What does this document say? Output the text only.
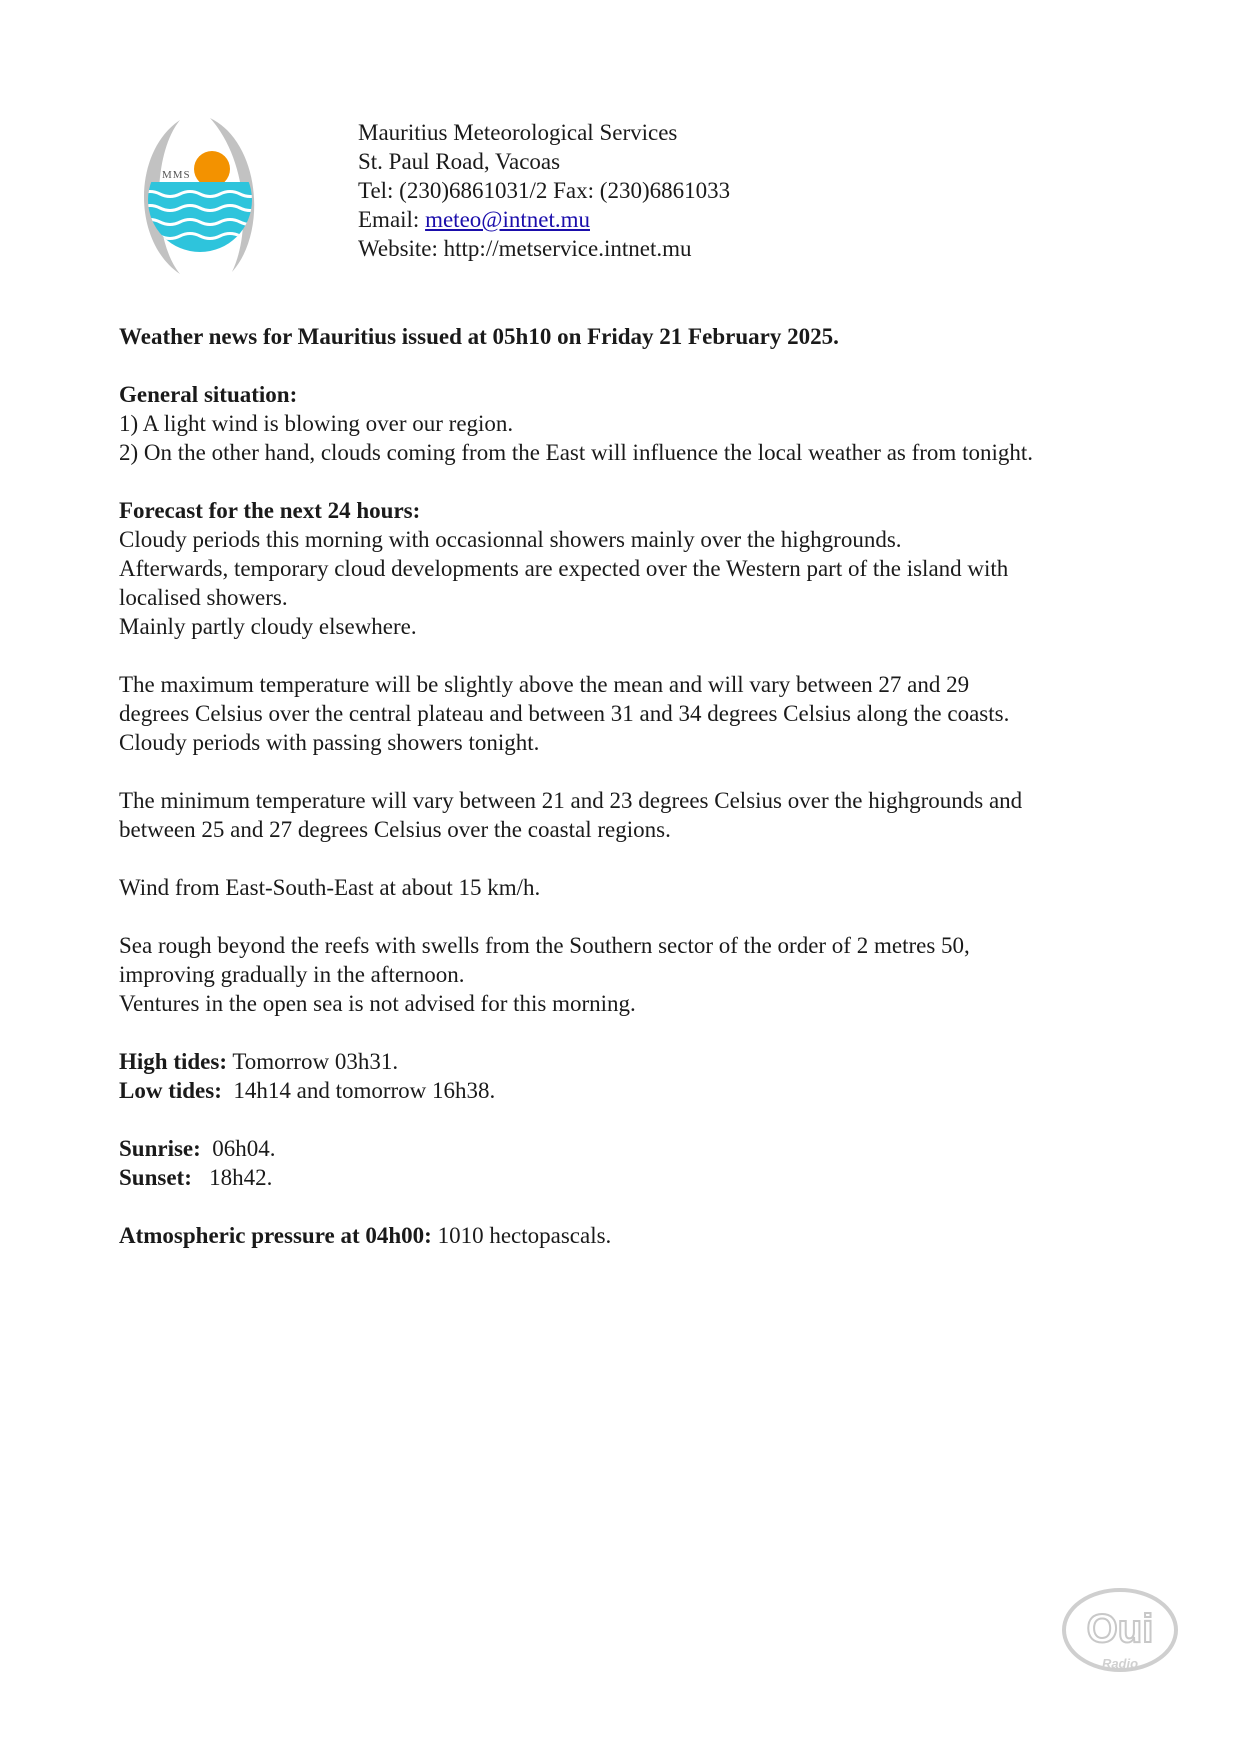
MMS
Mauritius Meteorological Services
St. Paul Road, Vacoas
Tel: (230)6861031/2 Fax: (230)6861033
Email: meteo@intnet.mu
Website: http://metservice.intnet.mu

Weather news for Mauritius issued at 05h10 on Friday 21 February 2025.

General situation:
1) A light wind is blowing over our region.
2) On the other hand, clouds coming from the East will influence the local weather as from tonight.

Forecast for the next 24 hours:
Cloudy periods this morning with occasionnal showers mainly over the highgrounds.
Afterwards, temporary cloud developments are expected over the Western part of the island with
localised showers.
Mainly partly cloudy elsewhere.

The maximum temperature will be slightly above the mean and will vary between 27 and 29
degrees Celsius over the central plateau and between 31 and 34 degrees Celsius along the coasts.
Cloudy periods with passing showers tonight.

The minimum temperature will vary between 21 and 23 degrees Celsius over the highgrounds and
between 25 and 27 degrees Celsius over the coastal regions.

Wind from East-South-East at about 15 km/h.

Sea rough beyond the reefs with swells from the Southern sector of the order of 2 metres 50,
improving gradually in the afternoon.
Ventures in the open sea is not advised for this morning.

High tides: Tomorrow 03h31.
Low tides:  14h14 and tomorrow 16h38.

Sunrise:  06h04.
Sunset:   18h42.

Atmospheric pressure at 04h00: 1010 hectopascals.

Oui
Radio
